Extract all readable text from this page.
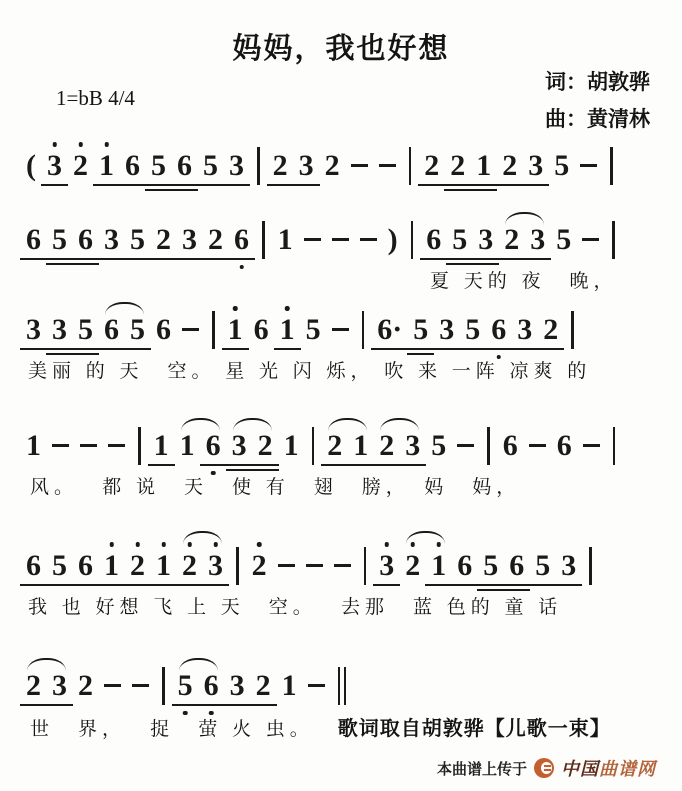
妈妈，我也好想
1=bB 4/4
词：胡敦骅
曲：黄清林
( 3 2 1 6 5 6 5 3 2 3 2	2 2 1 2 3 5
6 5 6 3 5 2 3 2 6 1	) 6 5 3 2 3 5
夏 天的 夜　晚，
3 3 5 6 5 6 1 6 1 5 6· 5 3 5 6 3 2
美丽 的 天　空。 星 光 闪 烁， 吹 来 一阵 凉爽 的
1	1 1 6 3 2 1 2 1 2 3 5 6 6
风。　 都 说　天　使 有　翅　膀，　妈　妈，
6 5 6 1 2 1 2 3 2	3 2 1 6 5 6 5 3
我 也 好想 飞 上 天　空。　 去那　蓝 色的 童 话
2 3 2	5 6 3 2 1
世　界，　 捉　萤 火 虫。 歌词取自胡敦骅【儿歌一束】
本曲谱上传于 中国曲谱网
